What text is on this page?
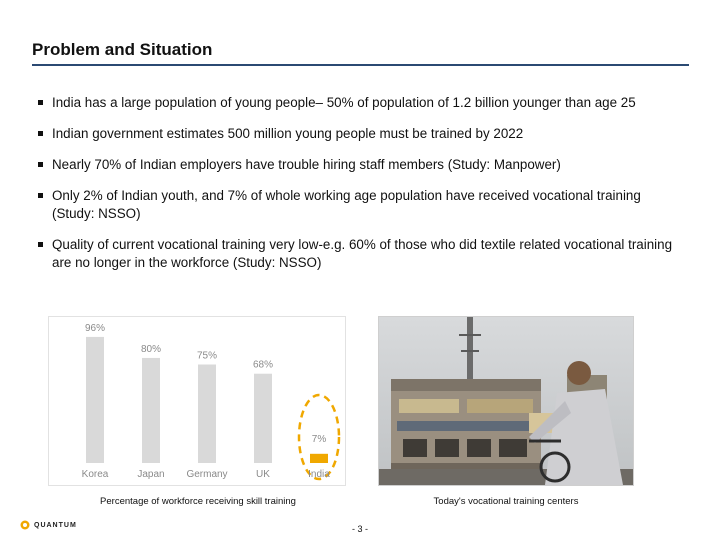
Problem and Situation
India has a large population of young people– 50% of population of 1.2 billion younger than age 25
Indian government estimates 500 million young people must be trained by 2022
Nearly 70% of Indian employers have trouble hiring staff members (Study: Manpower)
Only 2% of Indian youth, and 7% of whole working age population have received vocational training (Study: NSSO)
Quality of current vocational training very low-e.g. 60% of those who did textile related vocational training are no longer in the workforce (Study: NSSO)
96%
Korea
80%
Japan
75%
Germany
68%
UK
7%
India
Percentage of workforce receiving skill training	Today's vocational training centers
QUANTUM	- 3 -
